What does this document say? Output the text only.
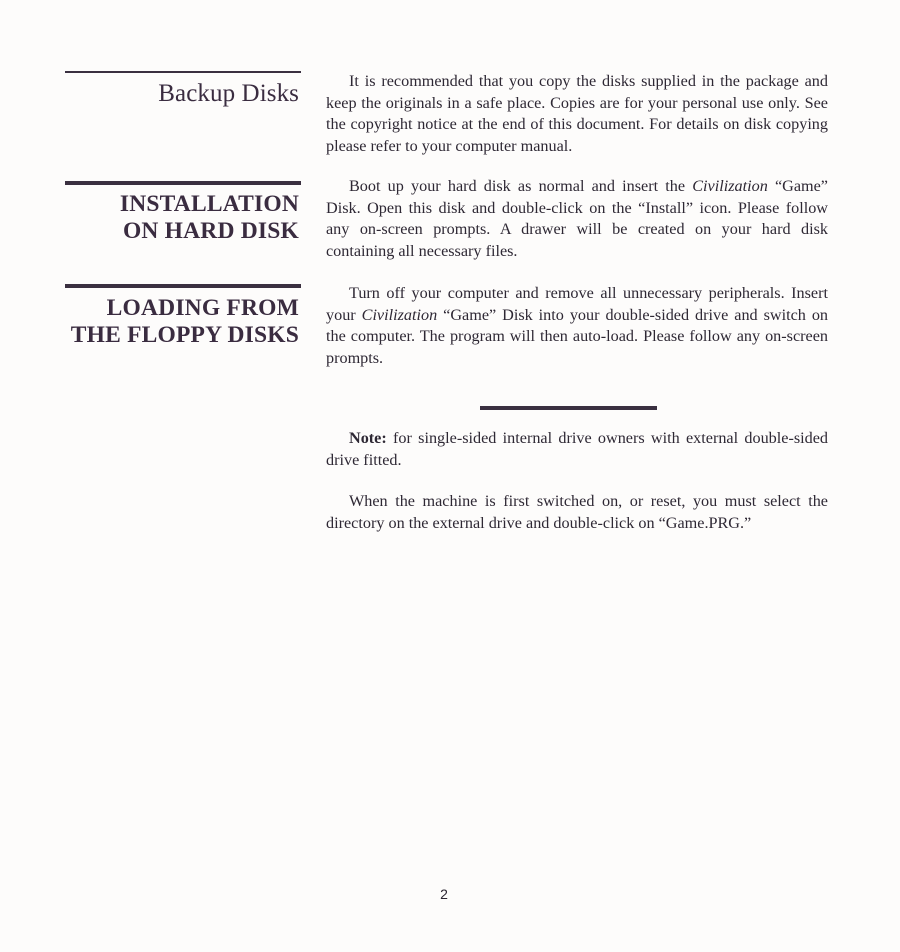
Backup Disks	It is recommended that you copy the disks supplied in the package and keep the originals in a safe place. Copies are for your personal use only. See the copyright notice at the end of this document. For details on disk copying please refer to your computer manual.

INSTALLATION
ON HARD DISK

Boot up your hard disk as normal and insert the Civilization “Game” Disk. Open this disk and double-click on the “Install” icon. Please follow any on-screen prompts. A drawer will be created on your hard disk containing all necessary files.

LOADING FROM
THE FLOPPY DISKS

Turn off your computer and remove all unnecessary peripherals. Insert your Civilization “Game” Disk into your double-sided drive and switch on the computer. The program will then auto-load. Please follow any on-screen prompts.

Note: for single-sided internal drive owners with external double-sided drive fitted.

When the machine is first switched on, or reset, you must select the directory on the external drive and double-click on “Game.PRG.”

2
